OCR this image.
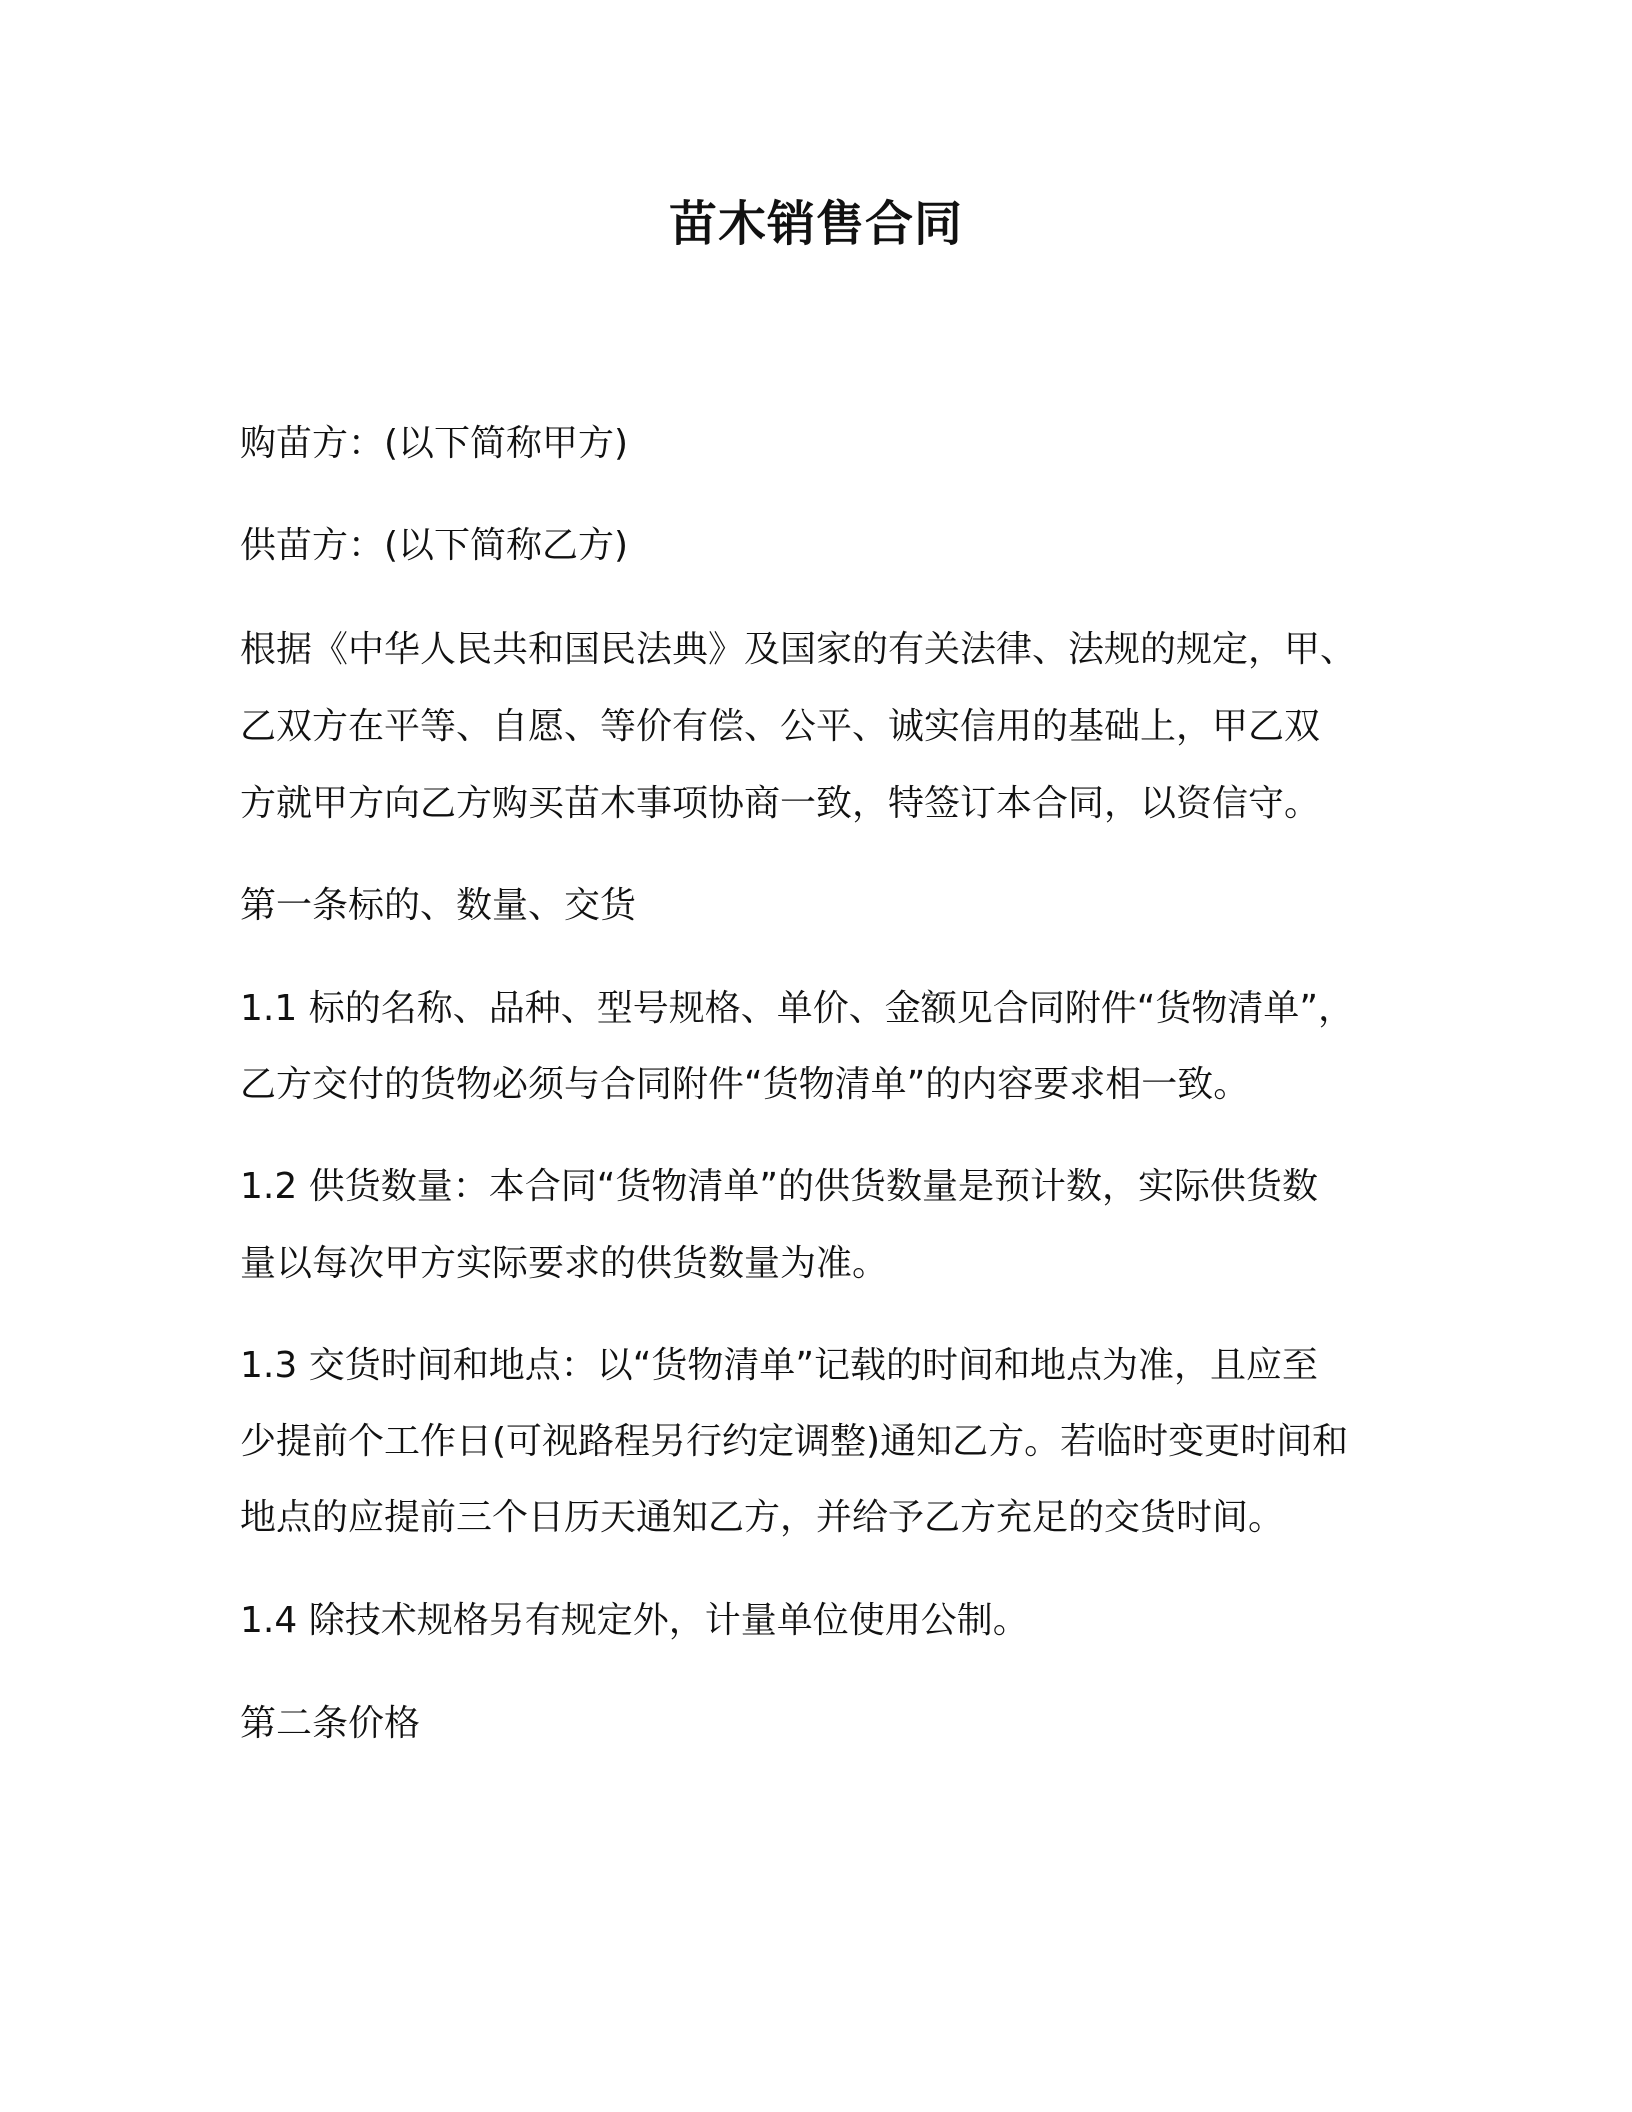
苗木销售合同
购苗方：(以下简称甲方)
供苗方：(以下简称乙方)
根据《中华人民共和国民法典》及国家的有关法律、法规的规定，甲、
乙双方在平等、自愿、等价有偿、公平、诚实信用的基础上，甲乙双
方就甲方向乙方购买苗木事项协商一致，特签订本合同，以资信守。
第一条标的、数量、交货
1.1 标的名称、品种、型号规格、单价、金额见合同附件“货物清单”，
乙方交付的货物必须与合同附件“货物清单”的内容要求相一致。
1.2 供货数量：本合同“货物清单”的供货数量是预计数，实际供货数
量以每次甲方实际要求的供货数量为准。
1.3 交货时间和地点：以“货物清单”记载的时间和地点为准，且应至
少提前个工作日(可视路程另行约定调整)通知乙方。若临时变更时间和
地点的应提前三个日历天通知乙方，并给予乙方充足的交货时间。
1.4 除技术规格另有规定外，计量单位使用公制。
第二条价格
